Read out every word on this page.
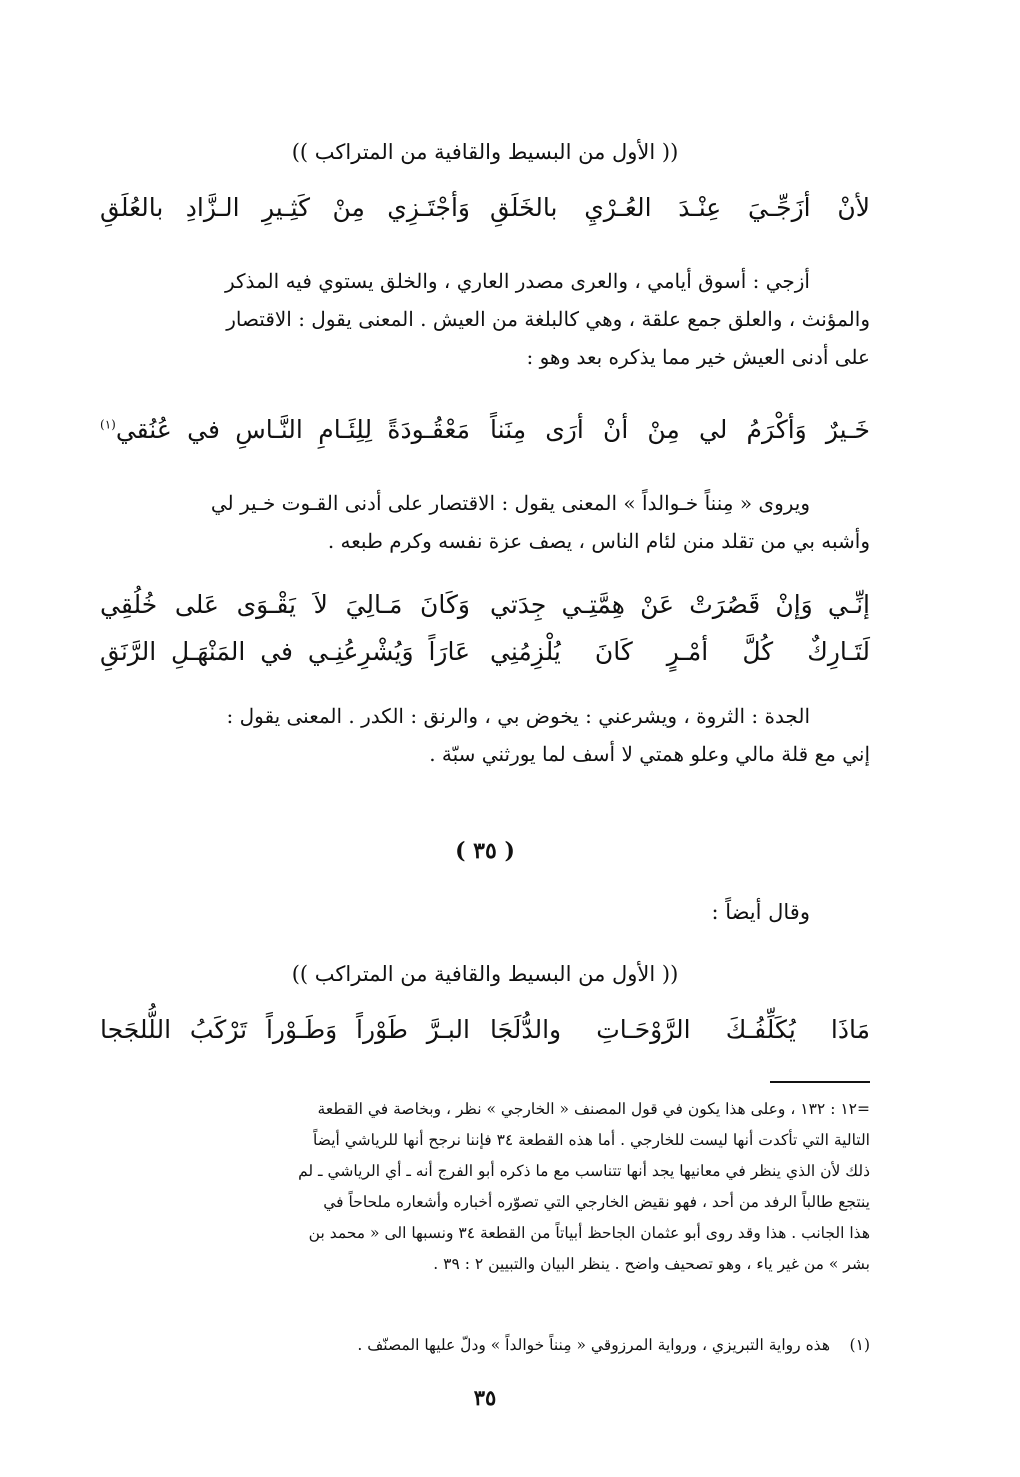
(( الأول من البسيط والقافية من المتراكب ))
لأنْ أزَجِّـيَ عِنْـدَ العُـرْيِ بالخَلَقِ
وَأجْتَـزِي مِنْ كَثِـيرِ الـزَّادِ بالعُلَقِ

أزجي : أسوق أيامي ، والعرى مصدر العاري ، والخلق يستوي فيه المذكر
والمؤنث ، والعلق جمع علقة ، وهي كالبلغة من العيش . المعنى يقول : الاقتصار
على أدنى العيش خير مما يذكره بعد وهو :

خَـيرٌ وَأكْرَمُ لي مِنْ أنْ أرَى مِنَناً
مَعْقُـودَةً لِلِئَـامِ النَّـاسِ في عُنُقي$^{(١)}$

ويروى « مِنناً خـوالداً » المعنى يقول : الاقتصار على أدنى القـوت خـير لي
وأشبه بي من تقلد منن لئام الناس ، يصف عزة نفسه وكرم طبعه .

إنِّـي وَإنْ قَصُرَتْ عَنْ هِمَّتِـي جِدَتي
وَكَانَ مَـالِيَ لاَ يَقْـوَى عَلى خُلُقِي
لَتَـارِكٌ كُلَّ أمْـرٍ كَانَ يُلْزِمُنِي
عَارَاً وَيُشْرِعُنِـي في المَنْهَـلِ الرَّنَقِ

الجدة : الثروة ، ويشرعني : يخوض بي ، والرنق : الكدر . المعنى يقول :
إني مع قلة مالي وعلو همتي لا أسف لما يورثني سبّة .

( ٣٥ )
وقال أيضاً :
(( الأول من البسيط والقافية من المتراكب ))
مَاذَا يُكَلِّفُـكَ الرَّوْحَـاتِ والدُّلَجَا
البـرَّ طَوْراً وَطَـوْراً تَرْكَبُ اللُّلجَجا

=١٢ : ١٣٢ ، وعلى هذا يكون في قول المصنف « الخارجي » نظر ، وبخاصة في القطعة
التالية التي تأكدت أنها ليست للخارجي . أما هذه القطعة ٣٤ فإننا نرجح أنها للرياشي أيضاً
ذلك لأن الذي ينظر في معانيها يجد أنها تتناسب مع ما ذكره أبو الفرج أنه ـ أي الرياشي ـ لم
ينتجع طالباً الرفد من أحد ، فهو نقيض الخارجي التي تصوّره أخباره وأشعاره ملحاحاً في
هذا الجانب . هذا وقد روى أبو عثمان الجاحظ أبياتاً من القطعة ٣٤ ونسبها الى « محمد بن
بشر » من غير ياء ، وهو تصحيف واضح . ينظر البيان والتبيين ٢ : ٣٩ .

(١)هذه رواية التبريزي ، ورواية المرزوقي « مِنناً خوالداً » ودلّ عليها المصنّف .

٣٥
